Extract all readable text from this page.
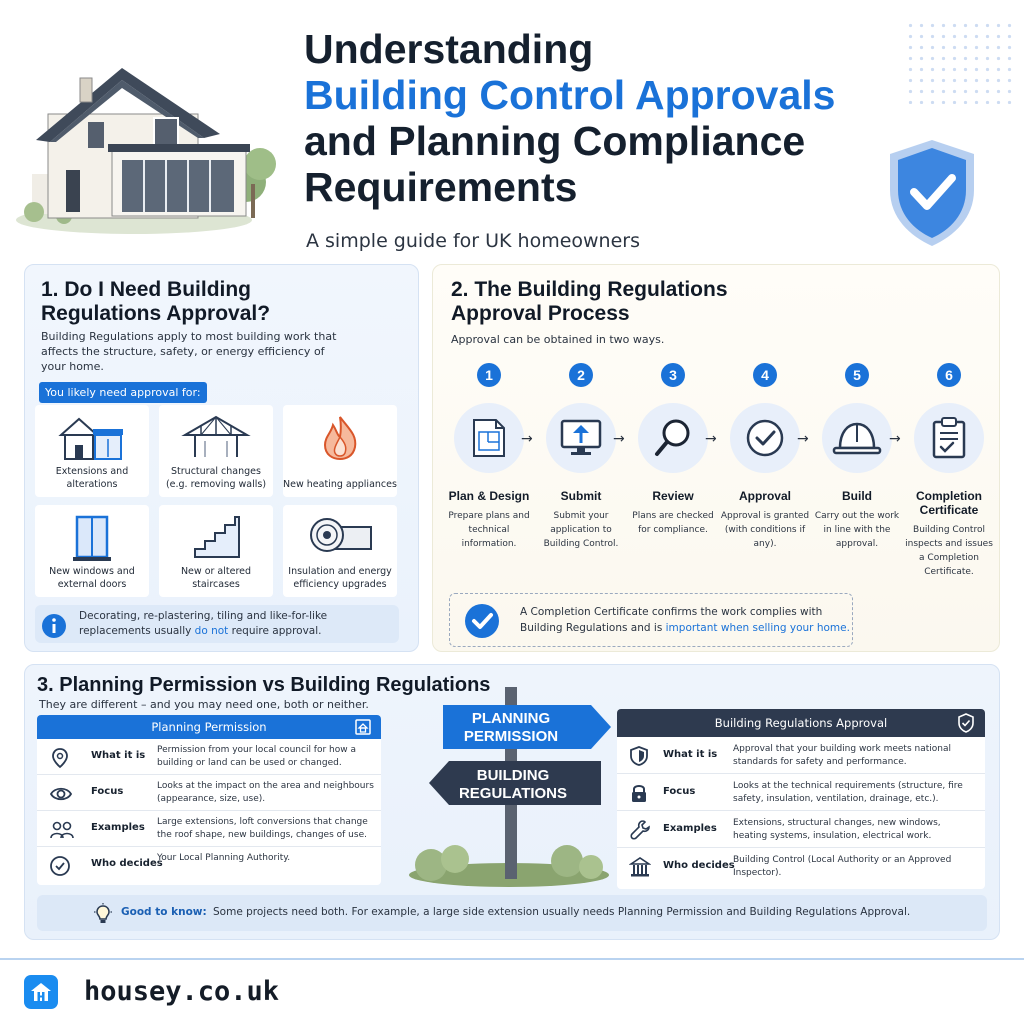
Understanding
Building Control Approvals
and Planning Compliance
Requirements
A simple guide for UK homeowners
1. Do I Need Building Regulations Approval?
Building Regulations apply to most building work that affects the structure, safety, or energy efficiency of your home.
You likely need approval for:
Extensions and alterations
Structural changes (e.g. removing walls)	New heating appliances
New windows and external doors
New or altered staircases
Insulation and energy efficiency upgrades
Decorating, re-plastering, tiling and like-for-like replacements usually do not require approval.
2. The Building Regulations Approval Process
Approval can be obtained in two ways.
1
Plan & Design
Prepare plans and technical information.
→
2
Submit
Submit your application to Building Control.
→
3
Review
Plans are checked for compliance.
→
4
Approval
Approval is granted (with conditions if any).
→
5
Build
Carry out the work in line with the approval.
→
6
Completion Certificate
Building Control inspects and issues a Completion Certificate.
A Completion Certificate confirms the work complies with Building Regulations and is important when selling your home.
3. Planning Permission vs Building Regulations
They are different – and you may need one, both or neither.
Planning Permission
What it is Permission from your local council for how a building or land can be used or changed.
Focus	Looks at the impact on the area and neighbours (appearance, size, use).
Examples Large extensions, loft conversions that change the roof shape, new buildings, changes of use.
Who decides
Your Local Planning Authority.
PLANNING
PERMISSION
BUILDING
REGULATIONS
Building Regulations Approval
What it is Approval that your building work meets national standards for safety and performance.
Focus	Looks at the technical requirements (structure, fire safety, insulation, ventilation, drainage, etc.).
Examples Extensions, structural changes, new windows, heating systems, insulation, electrical work.
Who decides
Building Control (Local Authority or an Approved Inspector).
Good to know: Some projects need both. For example, a large side extension usually needs Planning Permission and Building Regulations Approval.
housey.co.uk
